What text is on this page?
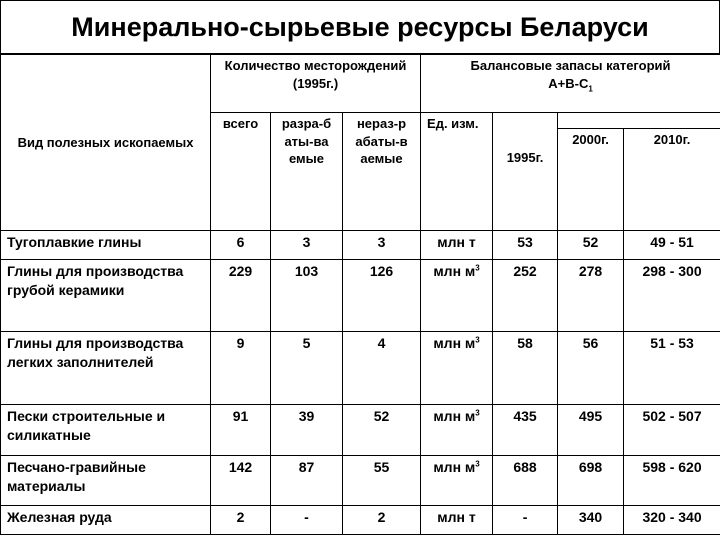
Минерально-сырьевые ресурсы Беларуси
Вид полезных ископаемых	Количество месторождений (1995г.)			Балансовые запасы категорий
$А+В-С_1$
	всего	разра-б аты-ва емые	нераз-р абаты-в аемые	Ед. изм.	1995г.		
						2000г.	2010г.
Тугоплавкие глины	6	3	3	млн т	53	52	49 - 51
Глины для производства грубой керамики	229	103	126	млн $м^3$	252	278	298 - 300
Глины для производства легких заполнителей	9	5	4	млн $м^3$	58	56	51 - 53
Пески строительные и силикатные	91	39	52	млн $м^3$	435	495	502 - 507
Песчано-гравийные материалы	142	87	55	млн $м^3$	688	698	598 - 620
Железная руда	2	-	2	млн т	-	340	320 - 340
